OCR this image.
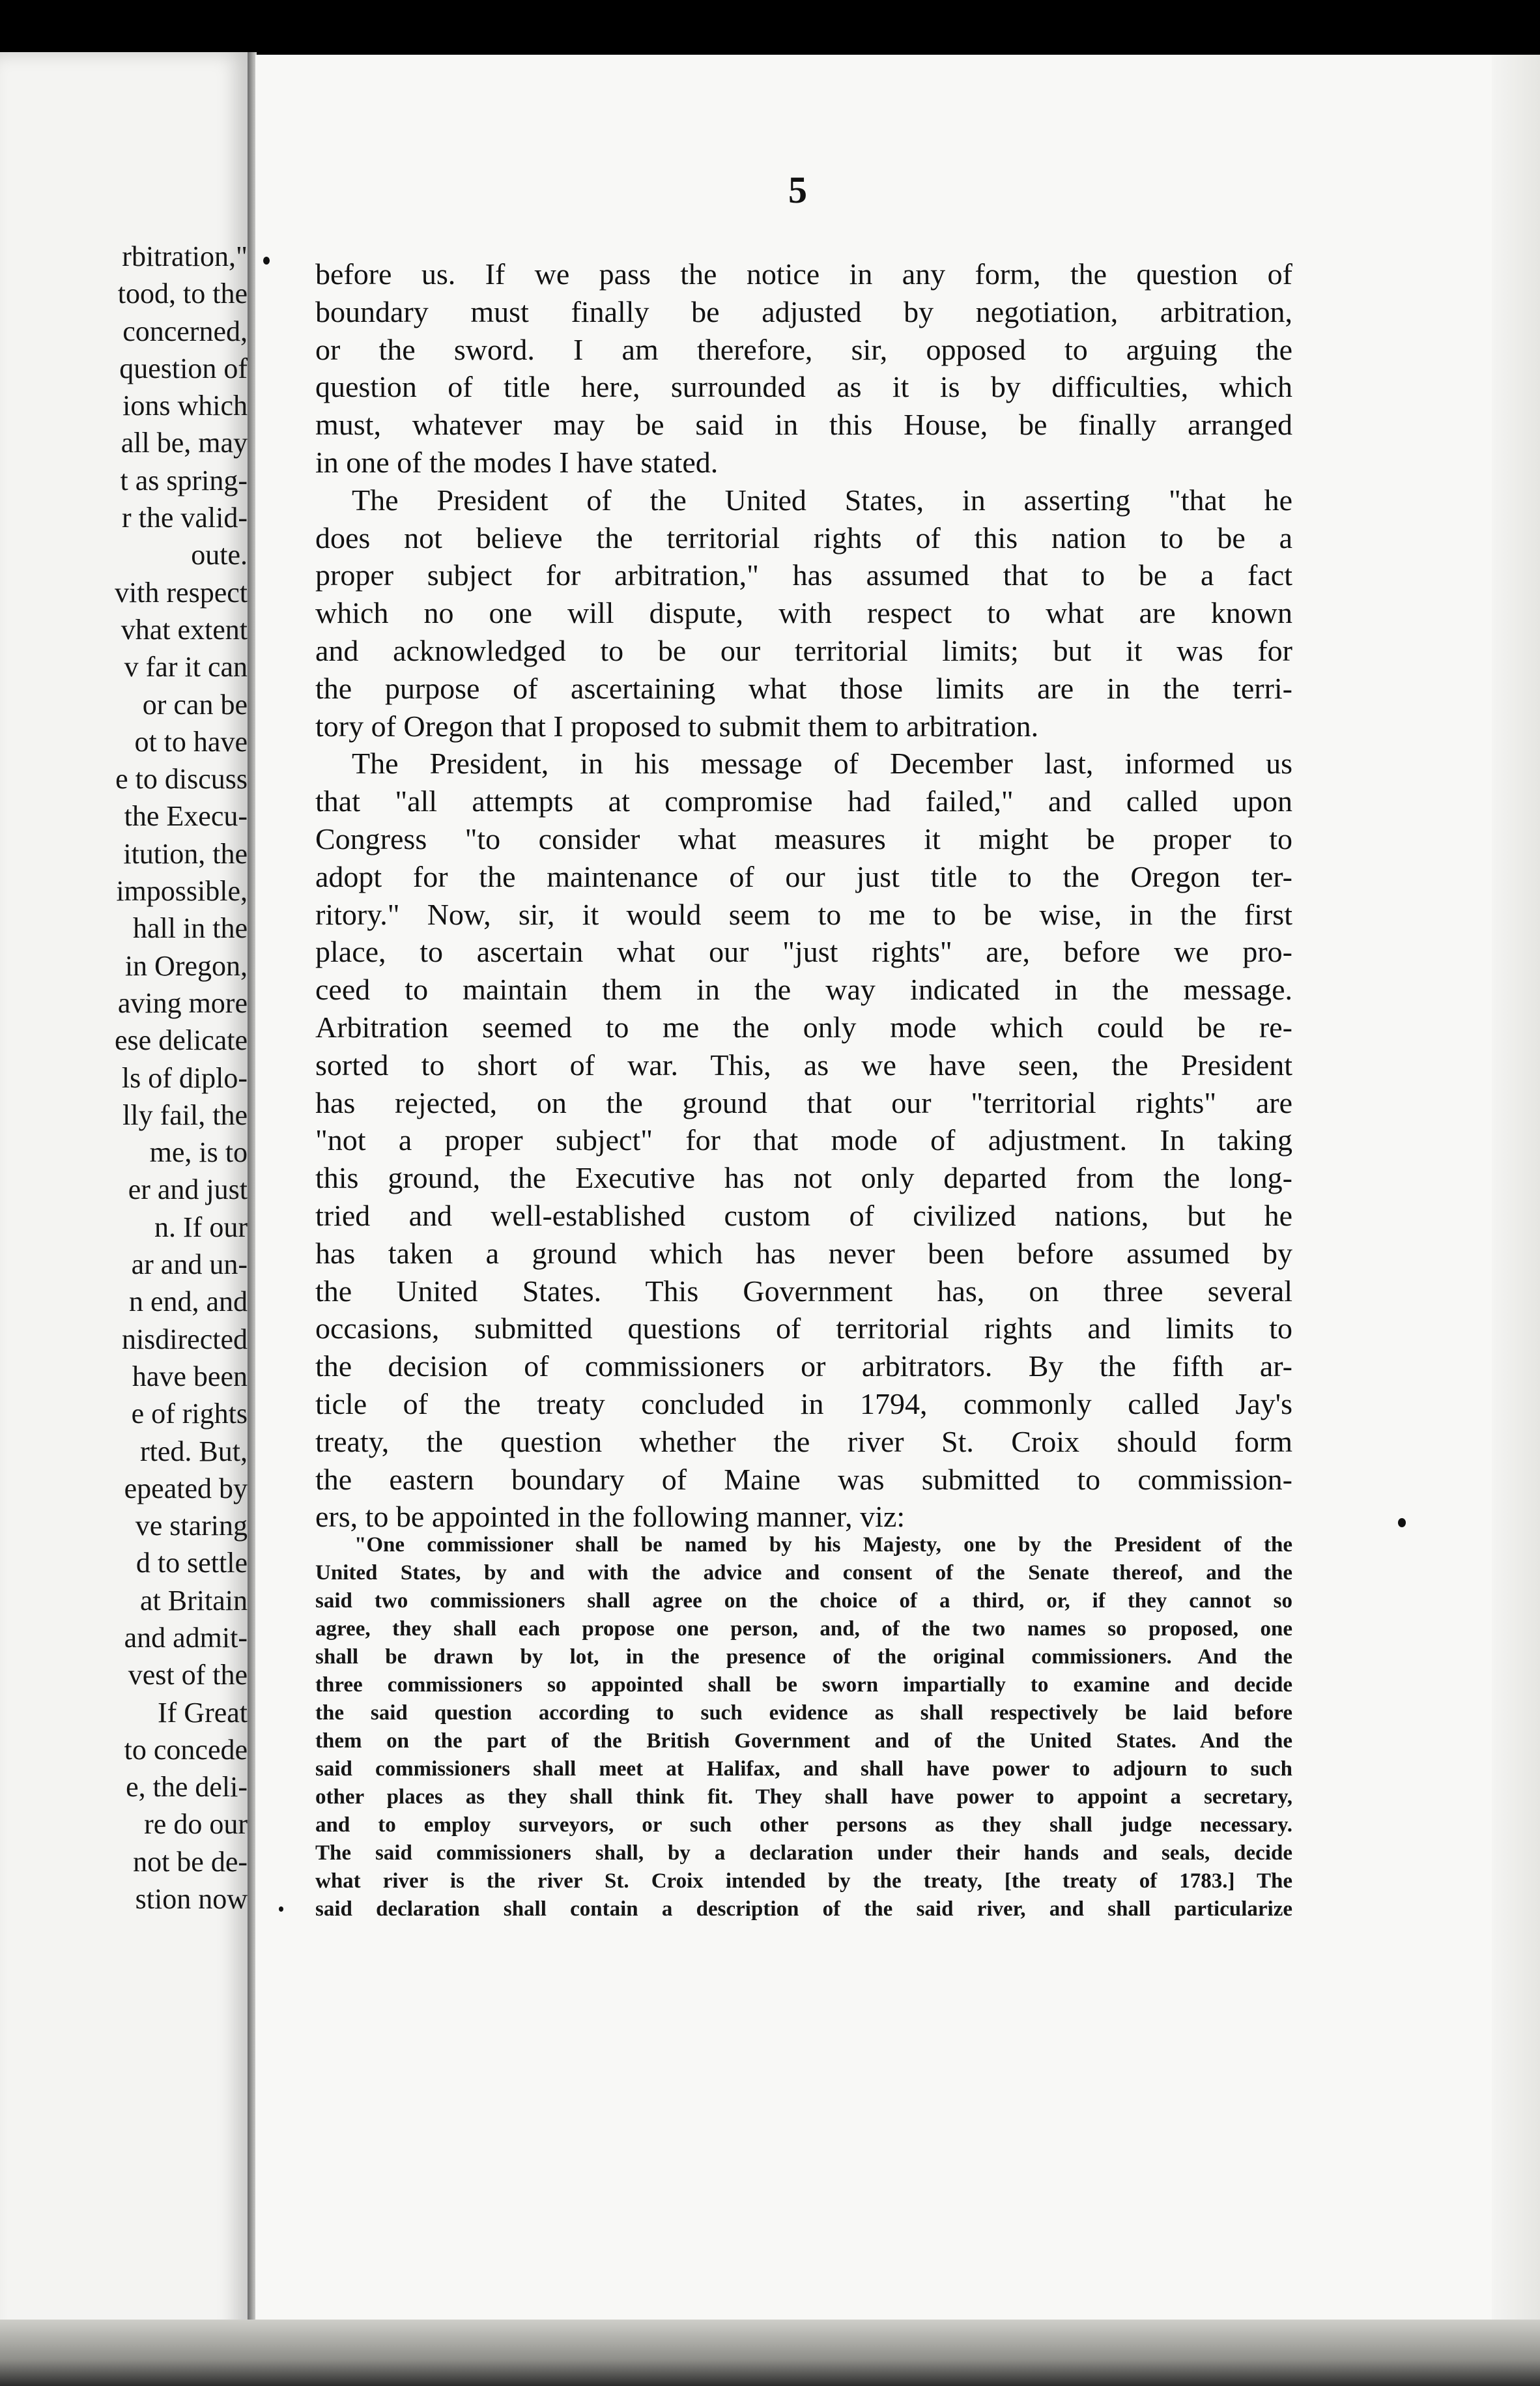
rbitration,"
tood, to the
concerned,
question of
ions which
all be, may
t as spring-
r the valid-
oute.
vith respect
vhat extent
v far it can
or can be
ot to have
e to discuss
the Execu-
itution, the
impossible,
hall in the
in Oregon,
aving more
ese delicate
ls of diplo-
lly fail, the
me, is to
er and just
n. If our
ar and un-
n end, and
nisdirected
have been
e of rights
rted. But,
epeated by
ve staring
d to settle
at Britain
and admit-
vest of the
If Great
to concede
e, the deli-
re do our
not be de-
stion now
5
before us. If we pass the notice in any form, the question of
boundary must finally be adjusted by negotiation, arbitration,
or the sword. I am therefore, sir, opposed to arguing the
question of title here, surrounded as it is by difficulties, which
must, whatever may be said in this House, be finally arranged
in one of the modes I have stated.
The President of the United States, in asserting "that he
does not believe the territorial rights of this nation to be a
proper subject for arbitration," has assumed that to be a fact
which no one will dispute, with respect to what are known
and acknowledged to be our territorial limits; but it was for
the purpose of ascertaining what those limits are in the terri-
tory of Oregon that I proposed to submit them to arbitration.
The President, in his message of December last, informed us
that "all attempts at compromise had failed," and called upon
Congress "to consider what measures it might be proper to
adopt for the maintenance of our just title to the Oregon ter-
ritory." Now, sir, it would seem to me to be wise, in the first
place, to ascertain what our "just rights" are, before we pro-
ceed to maintain them in the way indicated in the message.
Arbitration seemed to me the only mode which could be re-
sorted to short of war. This, as we have seen, the President
has rejected, on the ground that our "territorial rights" are
"not a proper subject" for that mode of adjustment. In taking
this ground, the Executive has not only departed from the long-
tried and well-established custom of civilized nations, but he
has taken a ground which has never been before assumed by
the United States. This Government has, on three several
occasions, submitted questions of territorial rights and limits to
the decision of commissioners or arbitrators. By the fifth ar-
ticle of the treaty concluded in 1794, commonly called Jay's
treaty, the question whether the river St. Croix should form
the eastern boundary of Maine was submitted to commission-
ers, to be appointed in the following manner, viz:
"One commissioner shall be named by his Majesty, one by the President of the
United States, by and with the advice and consent of the Senate thereof, and the
said two commissioners shall agree on the choice of a third, or, if they cannot so
agree, they shall each propose one person, and, of the two names so proposed, one
shall be drawn by lot, in the presence of the original commissioners. And the
three commissioners so appointed shall be sworn impartially to examine and decide
the said question according to such evidence as shall respectively be laid before
them on the part of the British Government and of the United States. And the
said commissioners shall meet at Halifax, and shall have power to adjourn to such
other places as they shall think fit. They shall have power to appoint a secretary,
and to employ surveyors, or such other persons as they shall judge necessary.
The said commissioners shall, by a declaration under their hands and seals, decide
what river is the river St. Croix intended by the treaty, [the treaty of 1783.] The
said declaration shall contain a description of the said river, and shall particularize
